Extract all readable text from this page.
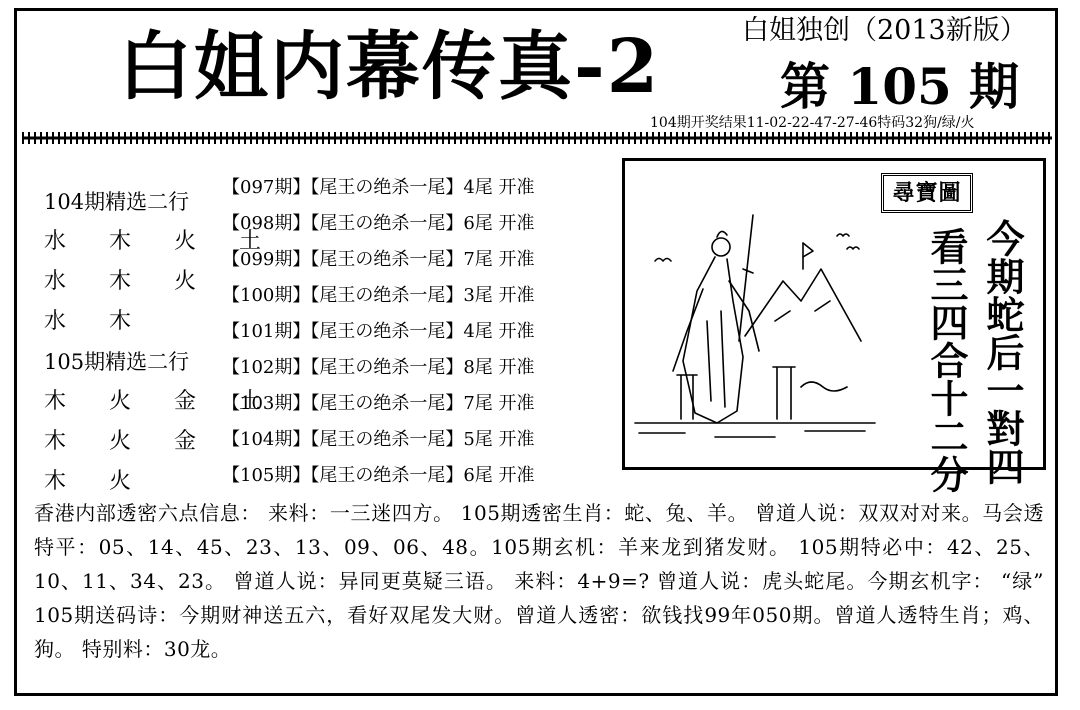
白姐内幕传真-2	白姐独创（2013新版）
第 105 期
104期开奖结果11-02-22-47-27-46特码32狗/绿/火
104期精选二行
水 木 火 土
水 木 火
水 木
105期精选二行
木 火 金 土
木 火 金
木 火
【097期】【尾王の绝杀一尾】4尾 开准
【098期】【尾王の绝杀一尾】6尾 开准
【099期】【尾王の绝杀一尾】7尾 开准
【100期】【尾王の绝杀一尾】3尾 开准
【101期】【尾王の绝杀一尾】4尾 开准
【102期】【尾王の绝杀一尾】8尾 开准
【103期】【尾王の绝杀一尾】7尾 开准
【104期】【尾王の绝杀一尾】5尾 开准
【105期】【尾王の绝杀一尾】6尾 开准
尋寶圖
今期蛇后一對四
看三四合十二分
香港内部透密六点信息： 来料：一三迷四方。 105期透密生肖：蛇、兔、羊。 曾道人说：双双对对来。马会透特平：05、14、45、23、13、09、06、48。105期玄机：羊来龙到猪发财。 105期特必中：42、25、10、11、34、23。 曾道人说：异同更莫疑三语。 来料：4+9=? 曾道人说：虎头蛇尾。今期玄机字： “绿” 105期送码诗：今期财神送五六，看好双尾发大财。曾道人透密：欲钱找99年050期。曾道人透特生肖；鸡、狗。 特别料：30龙。
